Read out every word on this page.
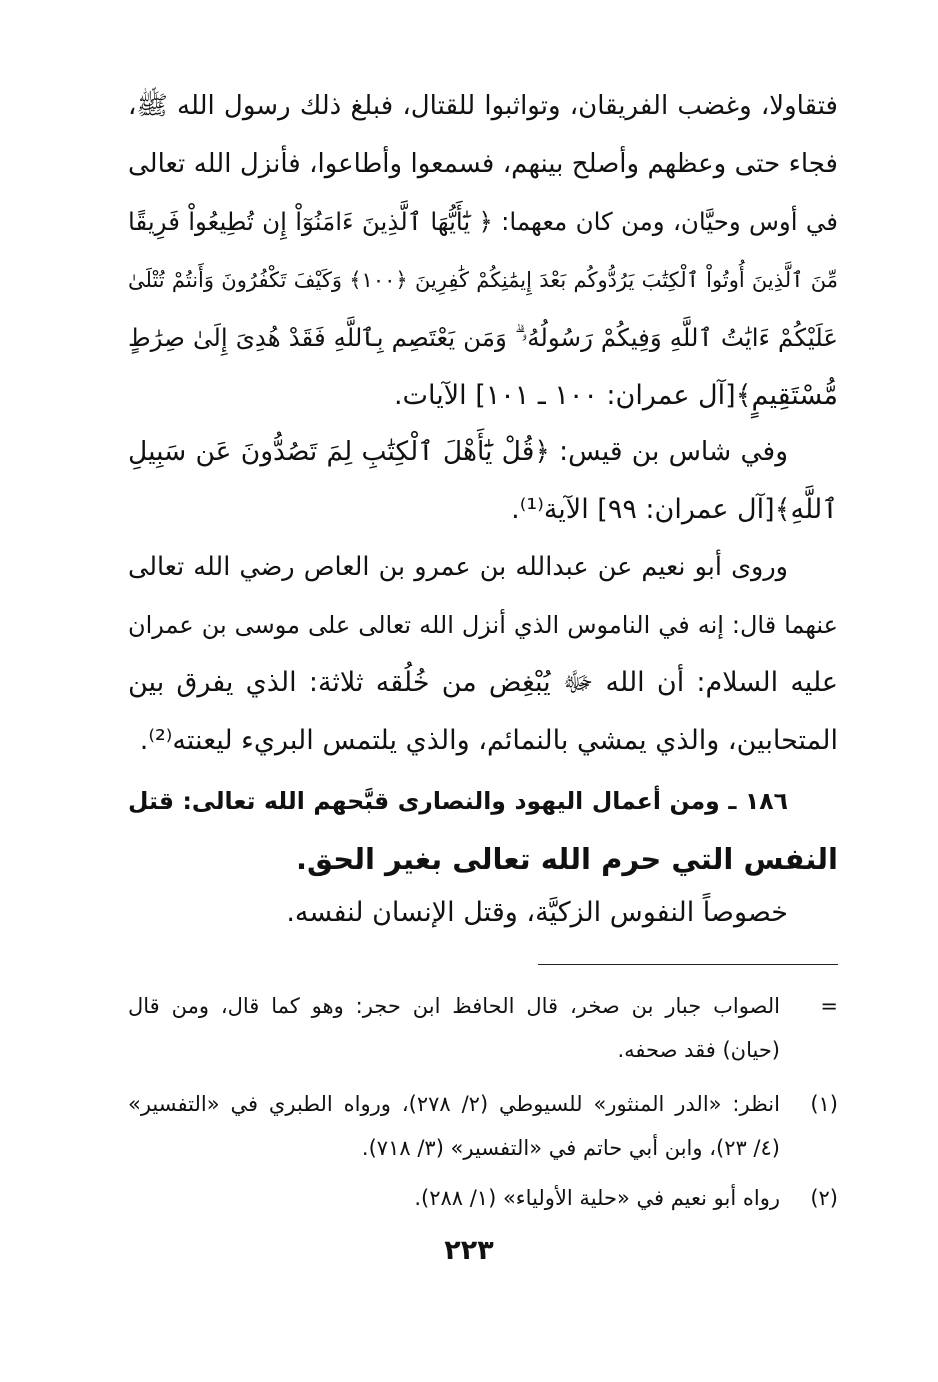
فتقاولا، وغضب الفريقان، وتواثبوا للقتال، فبلغ ذلك رسول الله ﷺ،
فجاء حتى وعظهم وأصلح بينهم، فسمعوا وأطاعوا، فأنزل الله تعالى
في أوس وحيَّان، ومن كان معهما: ﴿ يَٰٓأَيُّهَا ٱلَّذِينَ ءَامَنُوٓاْ إِن تُطِيعُواْ فَرِيقًا
مِّنَ ٱلَّذِينَ أُوتُواْ ٱلْكِتَٰبَ يَرُدُّوكُم بَعْدَ إِيمَٰنِكُمْ كَٰفِرِينَ ﴿١٠٠﴾ وَكَيْفَ تَكْفُرُونَ وَأَنتُمْ تُتْلَىٰ
عَلَيْكُمْ ءَايَٰتُ ٱللَّهِ وَفِيكُمْ رَسُولُهُۥ ۗ وَمَن يَعْتَصِم بِٱللَّهِ فَقَدْ هُدِىَ إِلَىٰ صِرَٰطٍ
مُّسْتَقِيمٍ﴾[آل عمران: ١٠٠ ـ ١٠١] الآيات.
وفي شاس بن قيس: ﴿قُلْ يَٰٓأَهْلَ ٱلْكِتَٰبِ لِمَ تَصُدُّونَ عَن سَبِيلِ
ٱللَّهِ﴾[آل عمران: ٩٩] الآية⁽¹⁾.
وروى أبو نعيم عن عبدالله بن عمرو بن العاص رضي الله تعالى
عنهما قال: إنه في الناموس الذي أنزل الله تعالى على موسى بن عمران
عليه السلام: أن الله ﷻ يُبْغِض من خُلُقه ثلاثة: الذي يفرق بين
المتحابين، والذي يمشي بالنمائم، والذي يلتمس البريء ليعنته⁽²⁾.
١٨٦ ـ ومن أعمال اليهود والنصارى قبَّحهم الله تعالى: قتل
النفس التي حرم الله تعالى بغير الحق.
خصوصاً النفوس الزكيَّة، وقتل الإنسان لنفسه.
=
الصواب جبار بن صخر، قال الحافظ ابن حجر: وهو كما قال، ومن قال
(حيان) فقد صحفه.
(١)
انظر: «الدر المنثور» للسيوطي (٢/ ٢٧٨)، ورواه الطبري في «التفسير»
(٤/ ٢٣)، وابن أبي حاتم في «التفسير» (٣/ ٧١٨).
(٢)
رواه أبو نعيم في «حلية الأولياء» (١/ ٢٨٨).
٢٢٣
